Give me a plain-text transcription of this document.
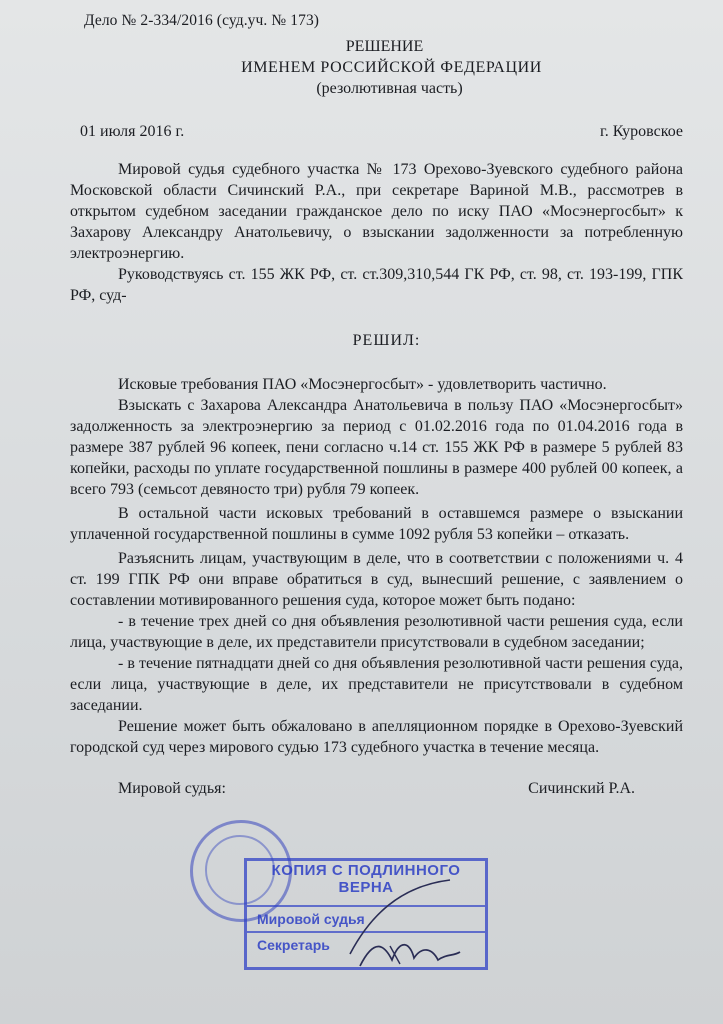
Дело № 2-334/2016 (суд.уч. № 173)
РЕШЕНИЕ
ИМЕНЕМ РОССИЙСКОЙ ФЕДЕРАЦИИ
(резолютивная часть)
01 июля 2016 г.	г. Куровское

Мировой судья судебного участка № 173 Орехово-Зуевского судебного района Московской области Сичинский Р.А., при секретаре Вариной М.В., рассмотрев в открытом судебном заседании гражданское дело по иску ПАО «Мосэнергосбыт» к Захарову Александру Анатольевичу, о взыскании задолженности за потребленную электроэнергию.

Руководствуясь ст. 155 ЖК РФ, ст. ст.309,310,544 ГК РФ, ст. 98, ст. 193-199, ГПК РФ, суд-

РЕШИЛ:

Исковые требования ПАО «Мосэнергосбыт» - удовлетворить частично.

Взыскать с Захарова Александра Анатольевича в пользу ПАО «Мосэнергосбыт» задолженность за электроэнергию за период с 01.02.2016 года по 01.04.2016 года в размере 387 рублей 96 копеек, пени согласно ч.14 ст. 155 ЖК РФ в размере 5 рублей 83 копейки, расходы по уплате государственной пошлины в размере 400 рублей 00 копеек, а всего 793 (семьсот девяносто три) рубля 79 копеек.

В остальной части исковых требований в оставшемся размере о взыскании уплаченной государственной пошлины в сумме 1092 рубля 53 копейки – отказать.

Разъяснить лицам, участвующим в деле, что в соответствии с положениями ч. 4 ст. 199 ГПК РФ они вправе обратиться в суд, вынесший решение, с заявлением о составлении мотивированного решения суда, которое может быть подано:

- в течение трех дней со дня объявления резолютивной части решения суда, если лица, участвующие в деле, их представители присутствовали в судебном заседании;

- в течение пятнадцати дней со дня объявления резолютивной части решения суда, если лица, участвующие в деле, их представители не присутствовали в судебном заседании.

Решение может быть обжаловано в апелляционном порядке в Орехово-Зуевский городской суд через мирового судью 173 судебного участка в течение месяца.

Мировой судья:	Сичинский Р.А.
КОПИЯ С ПОДЛИННОГО
ВЕРНА
Мировой судья
Секретарь
